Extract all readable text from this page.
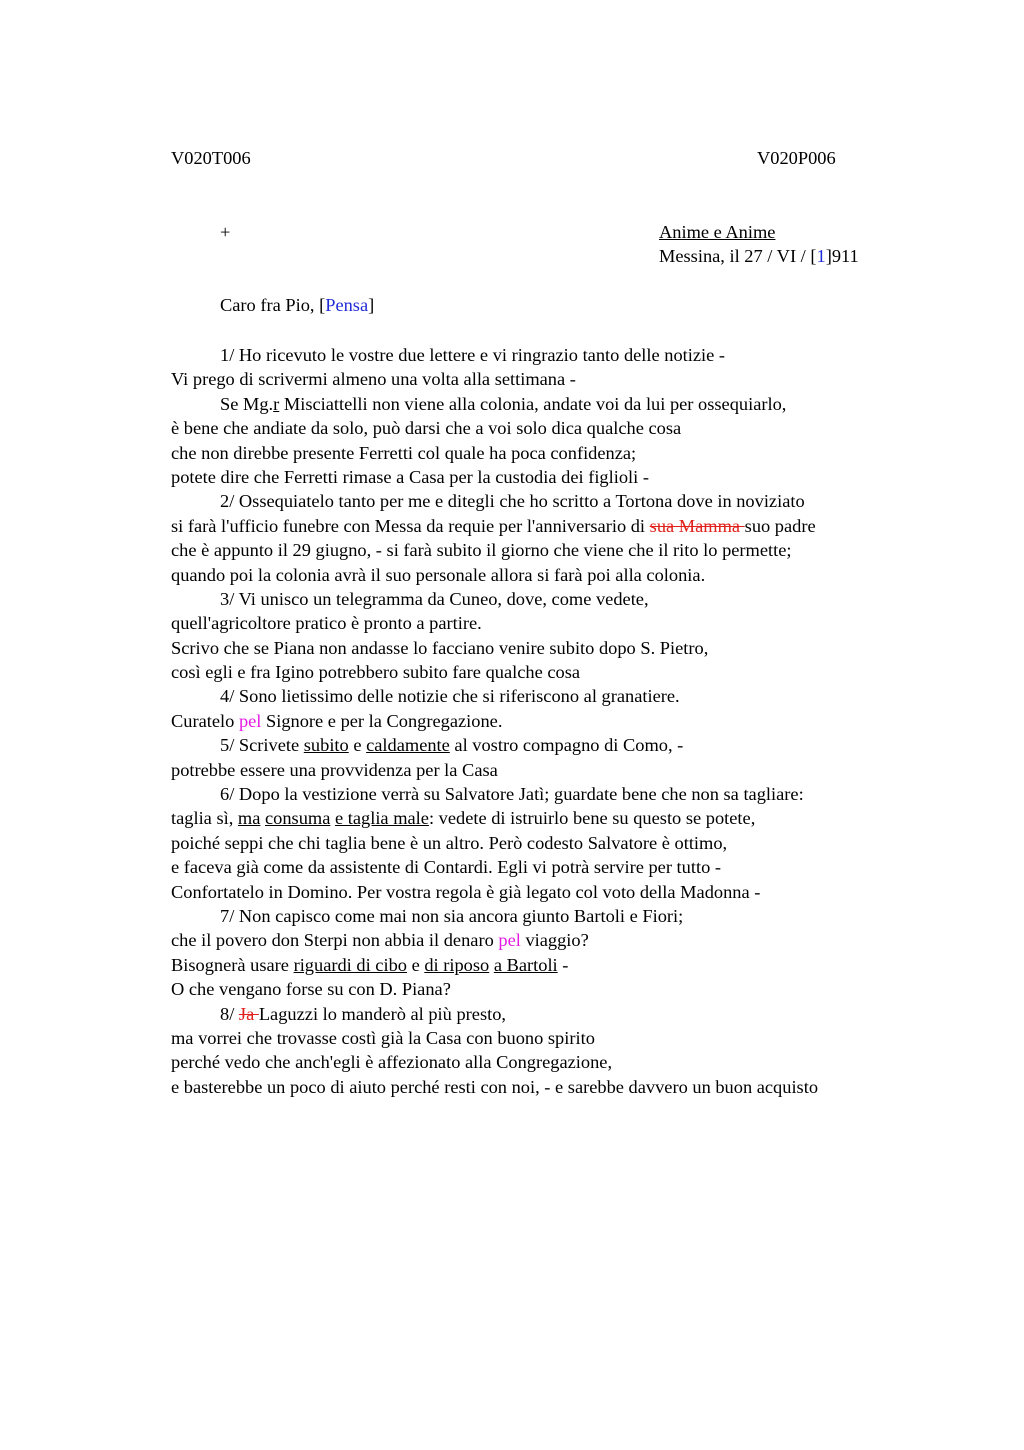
V020T006	V020P006
+	Anime e Anime
Messina, il 27 / VI / [1]911
Caro fra Pio, [Pensa]
1/ Ho ricevuto le vostre due lettere e vi ringrazio tanto delle notizie -
Vi prego di scrivermi almeno una volta alla settimana -
Se Mg.r Misciattelli non viene alla colonia, andate voi da lui per ossequiarlo,
è bene che andiate da solo, può darsi che a voi solo dica qualche cosa
che non direbbe presente Ferretti col quale ha poca confidenza;
potete dire che Ferretti rimase a Casa per la custodia dei figlioli -
2/ Ossequiatelo tanto per me e ditegli che ho scritto a Tortona dove in noviziato
si farà l'ufficio funebre con Messa da requie per l'anniversario di sua Mamma suo padre
che è appunto il 29 giugno, - si farà subito il giorno che viene che il rito lo permette;
quando poi la colonia avrà il suo personale allora si farà poi alla colonia.
3/ Vi unisco un telegramma da Cuneo, dove, come vedete,
quell'agricoltore pratico è pronto a partire.
Scrivo che se Piana non andasse lo facciano venire subito dopo S. Pietro,
così egli e fra Igino potrebbero subito fare qualche cosa
4/ Sono lietissimo delle notizie che si riferiscono al granatiere.
Curatelo pel Signore e per la Congregazione.
5/ Scrivete subito e caldamente al vostro compagno di Como, -
potrebbe essere una provvidenza per la Casa
6/ Dopo la vestizione verrà su Salvatore Jatì; guardate bene che non sa tagliare:
taglia sì, ma consuma e taglia male: vedete di istruirlo bene su questo se potete,
poiché seppi che chi taglia bene è un altro. Però codesto Salvatore è ottimo,
e faceva già come da assistente di Contardi. Egli vi potrà servire per tutto -
Confortatelo in Domino. Per vostra regola è già legato col voto della Madonna -
7/ Non capisco come mai non sia ancora giunto Bartoli e Fiori;
che il povero don Sterpi non abbia il denaro pel viaggio?
Bisognerà usare riguardi di cibo e di riposo a Bartoli -
O che vengano forse su con D. Piana?
8/ Ja Laguzzi lo manderò al più presto,
ma vorrei che trovasse costì già la Casa con buono spirito
perché vedo che anch'egli è affezionato alla Congregazione,
e basterebbe un poco di aiuto perché resti con noi, - e sarebbe davvero un buon acquisto
